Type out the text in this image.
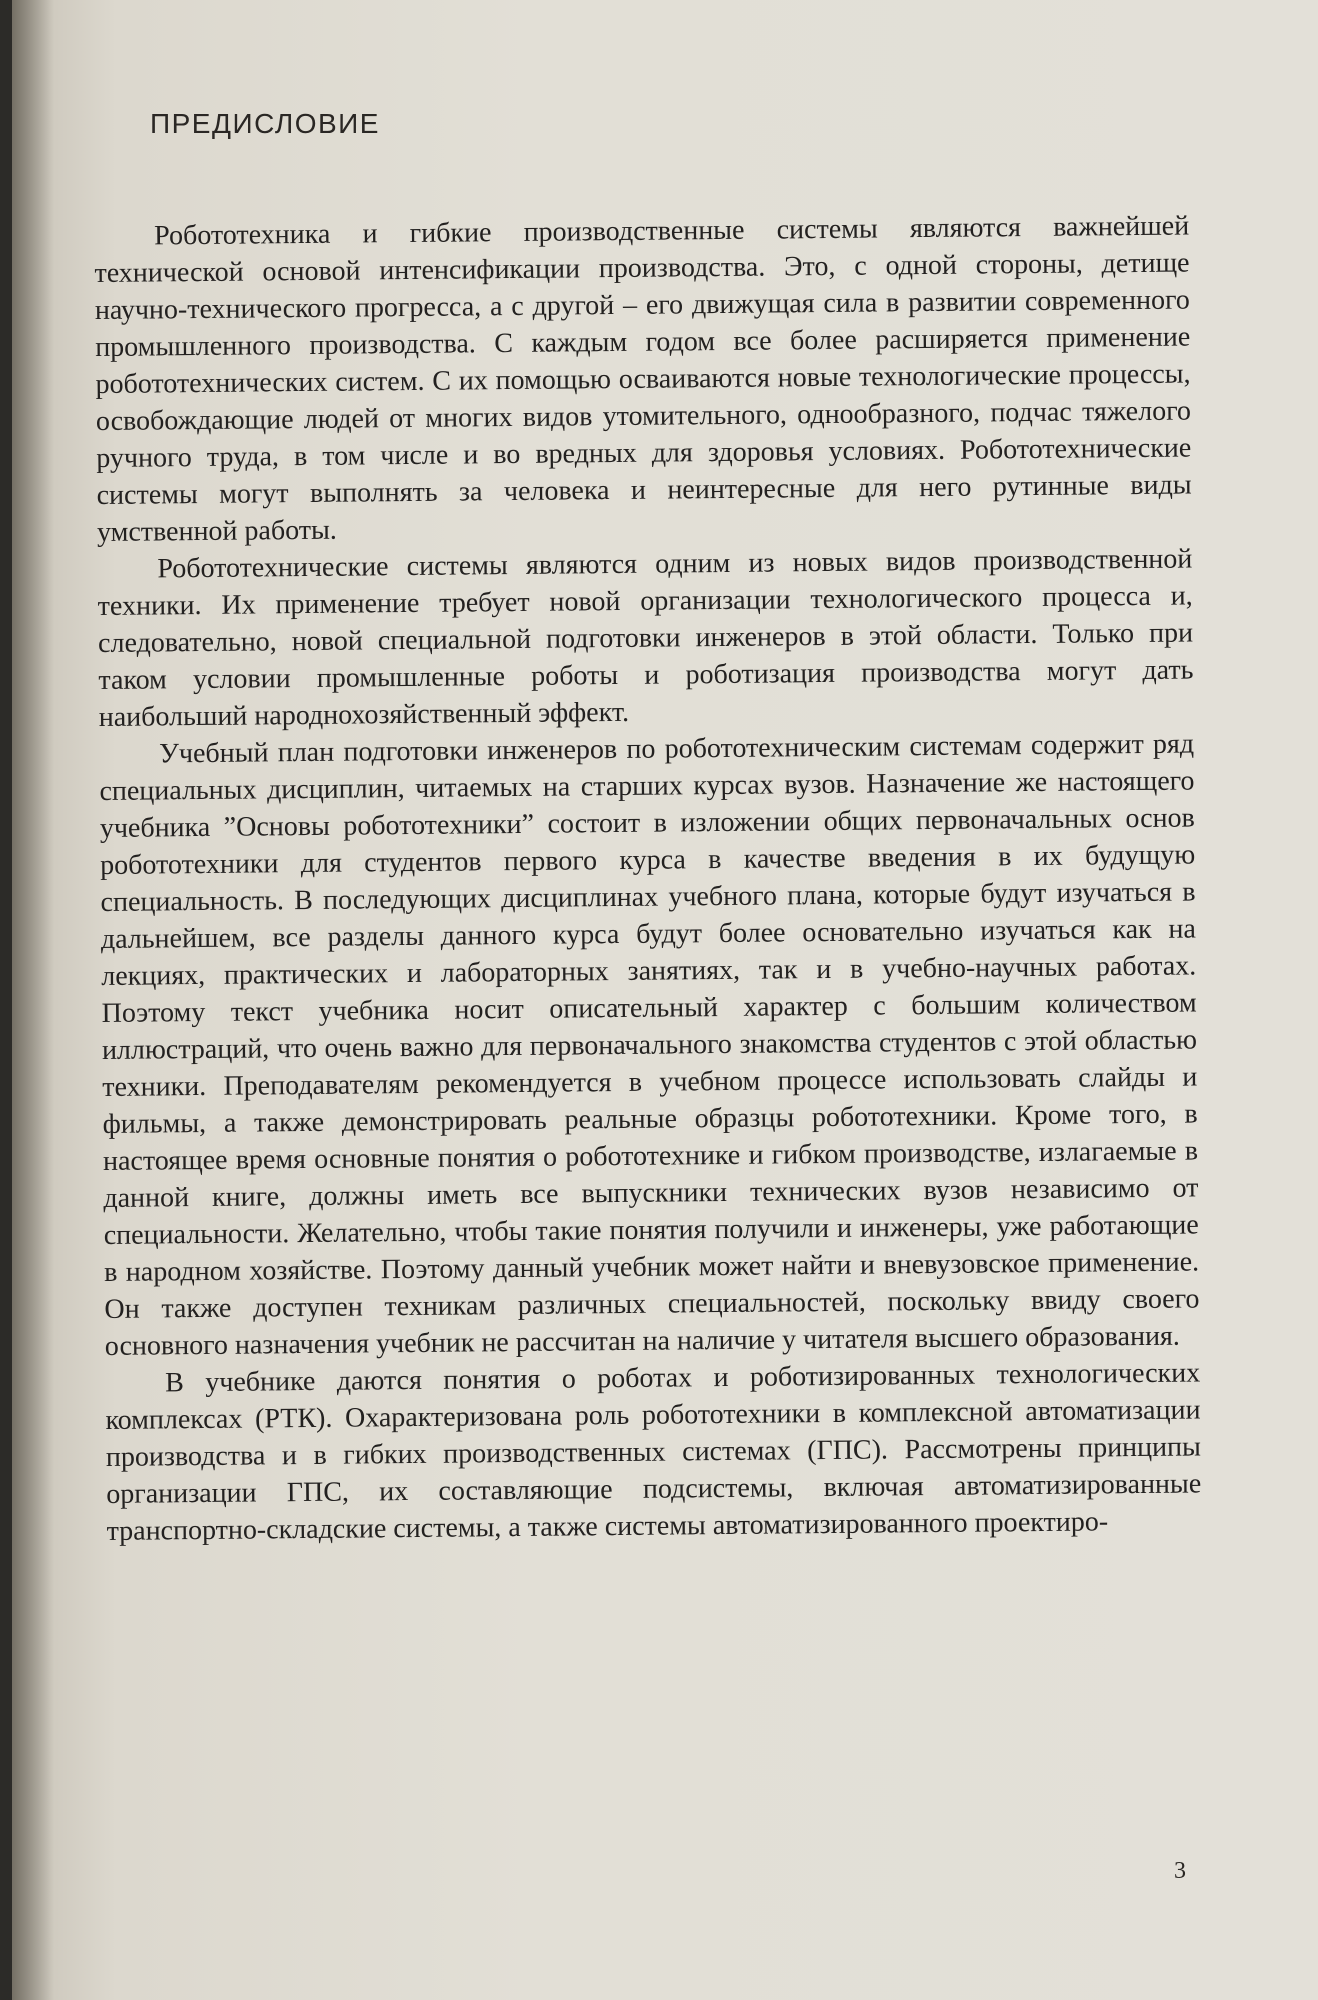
ПРЕДИСЛОВИЕ

Робототехника и гибкие производственные системы являются важнейшей технической основой интенсификации производства. Это, с одной стороны, детище научно-технического прогресса, а с другой – его движущая сила в развитии современного промышленного производства. С каждым годом все более расширяется применение робототехнических систем. С их помощью осваиваются новые технологические процессы, освобождающие людей от многих видов утомительного, однообразного, подчас тяжелого ручного труда, в том числе и во вредных для здоровья условиях. Робототехнические системы могут выполнять за человека и неинтересные для него рутинные виды умственной работы.

Робототехнические системы являются одним из новых видов производственной техники. Их применение требует новой организации технологического процесса и, следовательно, новой специальной подготовки инженеров в этой области. Только при таком условии промышленные роботы и роботизация производства могут дать наибольший народнохозяйственный эффект.

Учебный план подготовки инженеров по робототехническим системам содержит ряд специальных дисциплин, читаемых на старших курсах вузов. Назначение же настоящего учебника ”Основы робототехники” состоит в изложении общих первоначальных основ робототехники для студентов первого курса в качестве введения в их будущую специальность. В последующих дисциплинах учебного плана, которые будут изучаться в дальнейшем, все разделы данного курса будут более основательно изучаться как на лекциях, практических и лабораторных занятиях, так и в учебно-научных работах. Поэтому текст учебника носит описательный характер с большим количеством иллюстраций, что очень важно для первоначального знакомства студентов с этой областью техники. Преподавателям рекомендуется в учебном процессе использовать слайды и фильмы, а также демонстрировать реальные образцы робототехники. Кроме того, в настоящее время основные понятия о робототехнике и гибком производстве, излагаемые в данной книге, должны иметь все выпускники технических вузов независимо от специальности. Желательно, чтобы такие понятия получили и инженеры, уже работающие в народном хозяйстве. Поэтому данный учебник может найти и вневузовское применение. Он также доступен техникам различных специальностей, поскольку ввиду своего основного назначения учебник не рассчитан на наличие у читателя высшего образования.

В учебнике даются понятия о роботах и роботизированных технологических комплексах (РТК). Охарактеризована роль робототехники в комплексной автоматизации производства и в гибких производственных системах (ГПС). Рассмотрены принципы организации ГПС, их составляющие подсистемы, включая автоматизированные транспортно-складские системы, а также системы автоматизированного проектиро-

3
